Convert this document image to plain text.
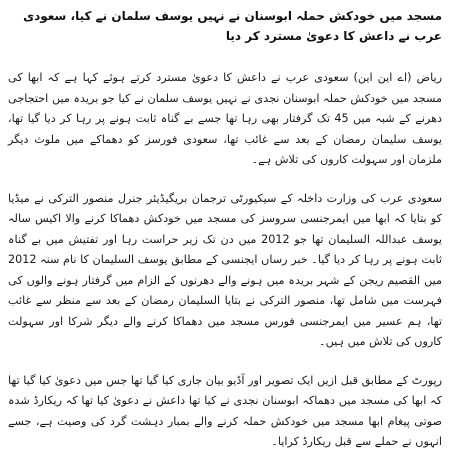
مسجد میں خودکش حملہ ابوسنان نے نہیں یوسف سلمان نے کیا، سعودی عرب نے داعش کا دعویٰ مسترد کر دیا

ریاض (اے این این) سعودی عرب نے داعش کا دعویٰ مسترد کرتے ہوئے کہا ہے کہ ابھا کی مسجد میں خودکش حملہ ابوسنان نجدی نے نہیں یوسف سلمان نے کیا جو بریدہ میں احتجاجی دھرنے کے شبہ میں 45 تک گرفتار بھی رہا تھا جسے بے گناہ ثابت ہونے پر رہا کر دیا گیا تھا، یوسف سلیمان رمضان کے بعد سے غائب تھا، سعودی فورسز کو دھماکے میں ملوث دیگر ملزمان اور سہولت کاروں کی تلاش ہے۔

سعودی عرب کی وزارت داخلہ کے سیکیورٹی ترجمان بریگیڈیئر جنرل منصور الترکی نے میڈیا کو بتایا کہ ابھا میں ایمرجنسی سروسز کی مسجد میں خودکش دھماکا کرنے والا اکیس سالہ یوسف عبداللہ السلیمان تھا جو 2012 میں دن تک زیر حراست رہا اور تفتیش میں بے گناہ ثابت ہونے پر رہا کر دیا گیا۔ خبر رساں ایجنسی کے مطابق یوسف السلیمان کا نام سنہ 2012 میں القصیم ریجن کے شہر بریدہ میں ہونے والے دھرنوں کے الزام میں گرفتار ہونے والوں کی فہرست میں شامل تھا، منصور الترکی نے بتایا السلیمان رمضان کے بعد سے منظر سے غائب تھا، ہم عسیر میں ایمرجنسی فورس مسجد میں دھماکا کرنے والے دیگر شرکا اور سہولت کاروں کی تلاش میں ہیں۔

رپورٹ کے مطابق قبل ازیں ایک تصویر اور آڈیو بیان جاری کیا گیا تھا جس میں دعویٰ کیا گیا تھا کہ ابھا کی مسجد میں دھماکہ ابوسنان نجدی نے کیا تھا داعش نے دعویٰ کیا تھا کہ ریکارڈ شدہ صوتی پیغام ابھا مسجد میں خودکش حملہ کرنے والے بمبار دہشت گرد کی وصیت ہے، جسے انہوں نے حملے سے قبل ریکارڈ کرایا۔
